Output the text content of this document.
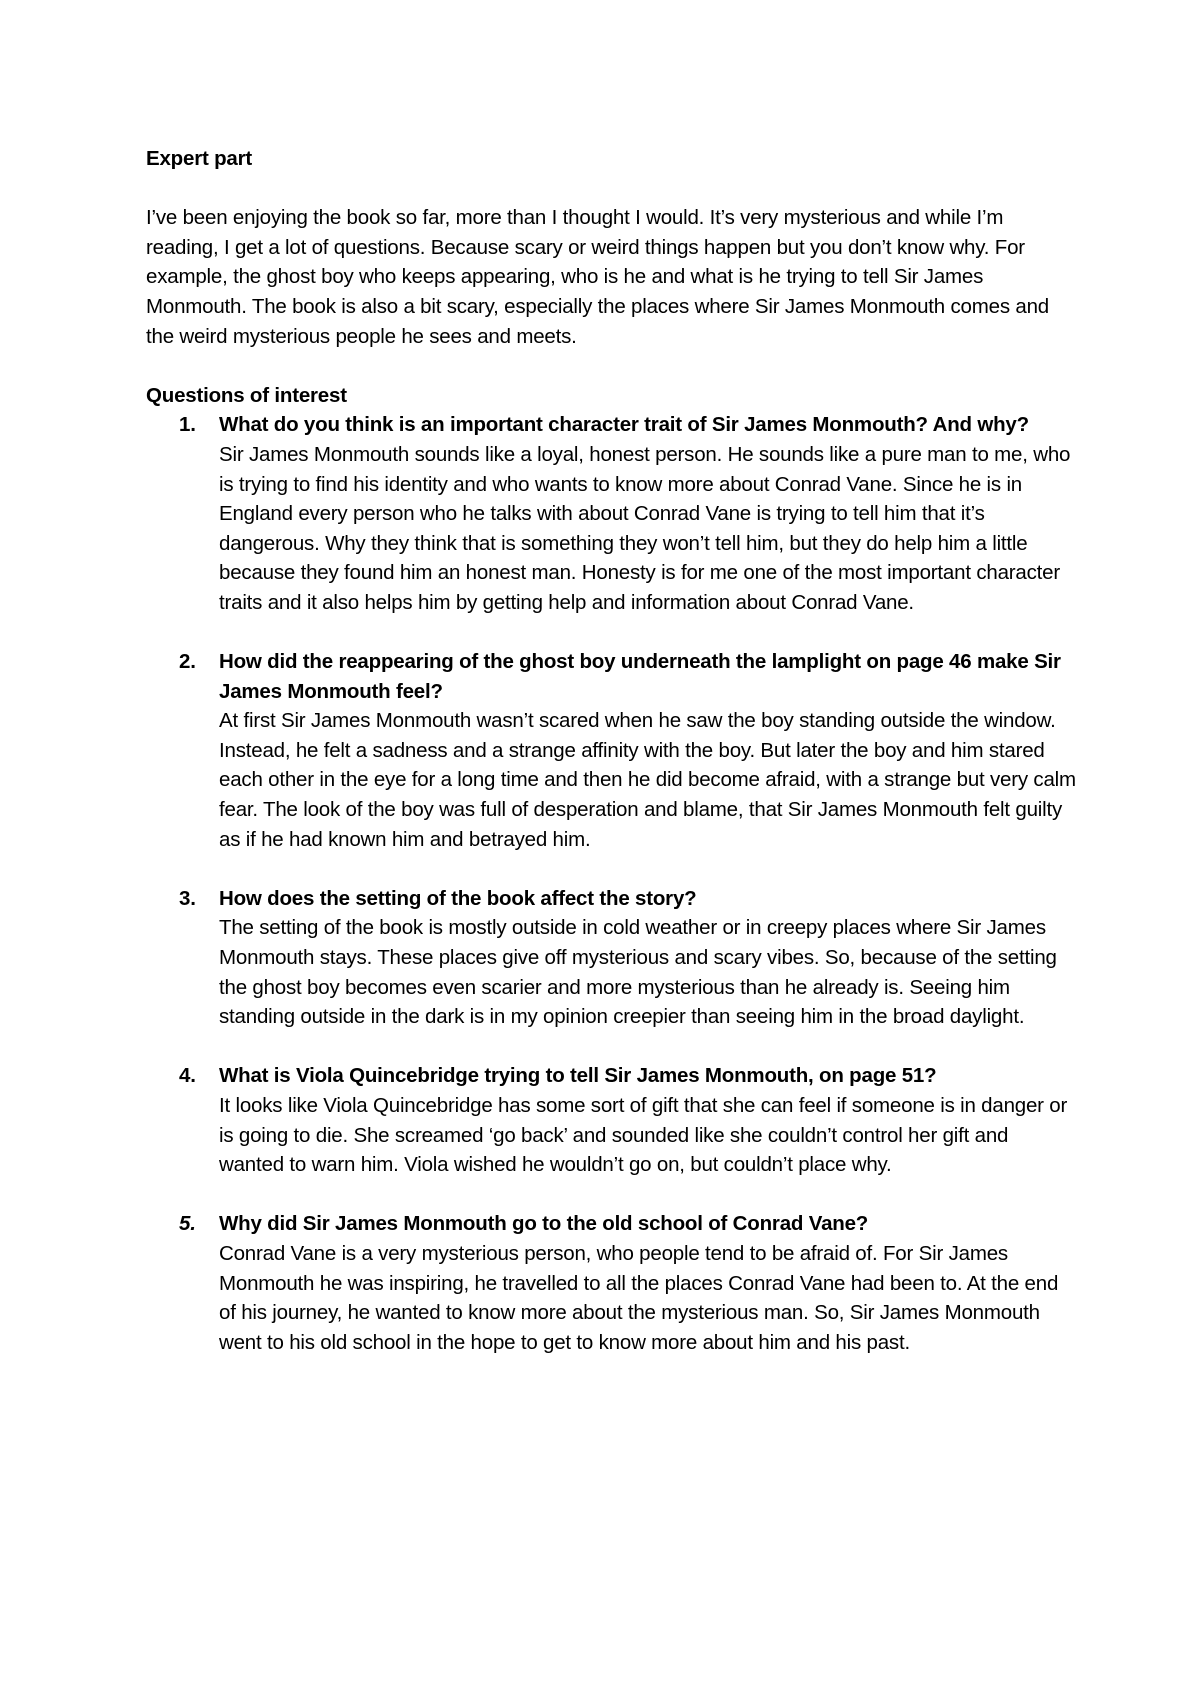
Expert part

I’ve been enjoying the book so far, more than I thought I would. It’s very mysterious and while I’m reading, I get a lot of questions. Because scary or weird things happen but you don’t know why. For example, the ghost boy who keeps appearing, who is he and what is he trying to tell Sir James Monmouth. The book is also a bit scary, especially the places where Sir James Monmouth comes and the weird mysterious people he sees and meets.

Questions of interest

1. What do you think is an important character trait of Sir James Monmouth? And why?
Sir James Monmouth sounds like a loyal, honest person. He sounds like a pure man to me, who is trying to find his identity and who wants to know more about Conrad Vane. Since he is in England every person who he talks with about Conrad Vane is trying to tell him that it’s dangerous. Why they think that is something they won’t tell him, but they do help him a little because they found him an honest man. Honesty is for me one of the most important character traits and it also helps him by getting help and information about Conrad Vane.
2. How did the reappearing of the ghost boy underneath the lamplight on page 46 make Sir James Monmouth feel?
At first Sir James Monmouth wasn’t scared when he saw the boy standing outside the window. Instead, he felt a sadness and a strange affinity with the boy. But later the boy and him stared each other in the eye for a long time and then he did become afraid, with a strange but very calm fear. The look of the boy was full of desperation and blame, that Sir James Monmouth felt guilty as if he had known him and betrayed him.
3. How does the setting of the book affect the story?
The setting of the book is mostly outside in cold weather or in creepy places where Sir James Monmouth stays. These places give off mysterious and scary vibes. So, because of the setting the ghost boy becomes even scarier and more mysterious than he already is. Seeing him standing outside in the dark is in my opinion creepier than seeing him in the broad daylight.
4. What is Viola Quincebridge trying to tell Sir James Monmouth, on page 51?
It looks like Viola Quincebridge has some sort of gift that she can feel if someone is in danger or is going to die. She screamed ‘go back’ and sounded like she couldn’t control her gift and wanted to warn him. Viola wished he wouldn’t go on, but couldn’t place why.
5. Why did Sir James Monmouth go to the old school of Conrad Vane?
Conrad Vane is a very mysterious person, who people tend to be afraid of. For Sir James Monmouth he was inspiring, he travelled to all the places Conrad Vane had been to. At the end of his journey, he wanted to know more about the mysterious man. So, Sir James Monmouth went to his old school in the hope to get to know more about him and his past.
